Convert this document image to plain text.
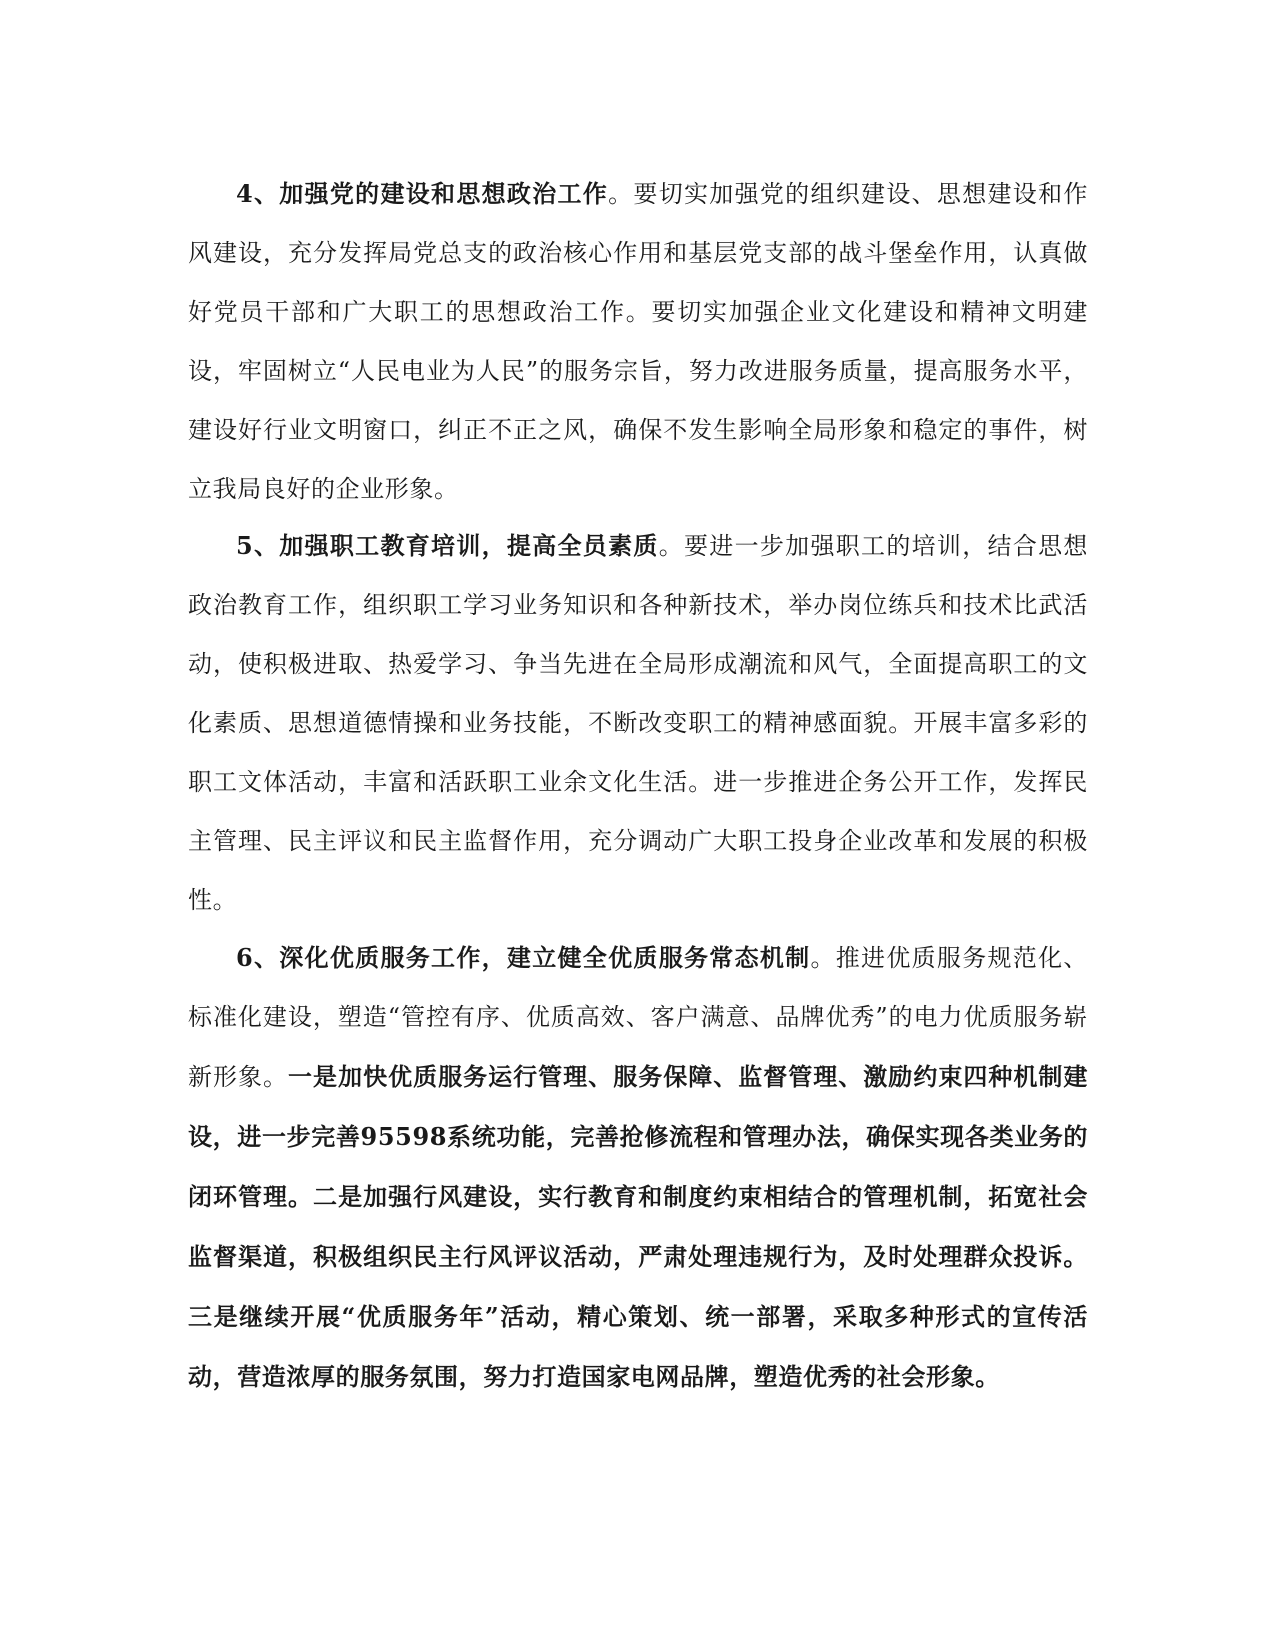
4、加强党的建设和思想政治工作。要切实加强党的组织建设、思想建设和作风建设，充分发挥局党总支的政治核心作用和基层党支部的战斗堡垒作用，认真做好党员干部和广大职工的思想政治工作。要切实加强企业文化建设和精神文明建设，牢固树立“人民电业为人民”的服务宗旨，努力改进服务质量，提高服务水平，建设好行业文明窗口，纠正不正之风，确保不发生影响全局形象和稳定的事件，树立我局良好的企业形象。

5、加强职工教育培训，提高全员素质。要进一步加强职工的培训，结合思想政治教育工作，组织职工学习业务知识和各种新技术，举办岗位练兵和技术比武活动，使积极进取、热爱学习、争当先进在全局形成潮流和风气，全面提高职工的文化素质、思想道德情操和业务技能，不断改变职工的精神感面貌。开展丰富多彩的职工文体活动，丰富和活跃职工业余文化生活。进一步推进企务公开工作，发挥民主管理、民主评议和民主监督作用，充分调动广大职工投身企业改革和发展的积极性。

6、深化优质服务工作，建立健全优质服务常态机制。推进优质服务规范化、标准化建设，塑造“管控有序、优质高效、客户满意、品牌优秀”的电力优质服务崭新形象。一是加快优质服务运行管理、服务保障、监督管理、激励约束四种机制建设，进一步完善95598系统功能，完善抢修流程和管理办法，确保实现各类业务的闭环管理。二是加强行风建设，实行教育和制度约束相结合的管理机制，拓宽社会监督渠道，积极组织民主行风评议活动，严肃处理违规行为，及时处理群众投诉。三是继续开展“优质服务年”活动，精心策划、统一部署，采取多种形式的宣传活动，营造浓厚的服务氛围，努力打造国家电网品牌，塑造优秀的社会形象。
